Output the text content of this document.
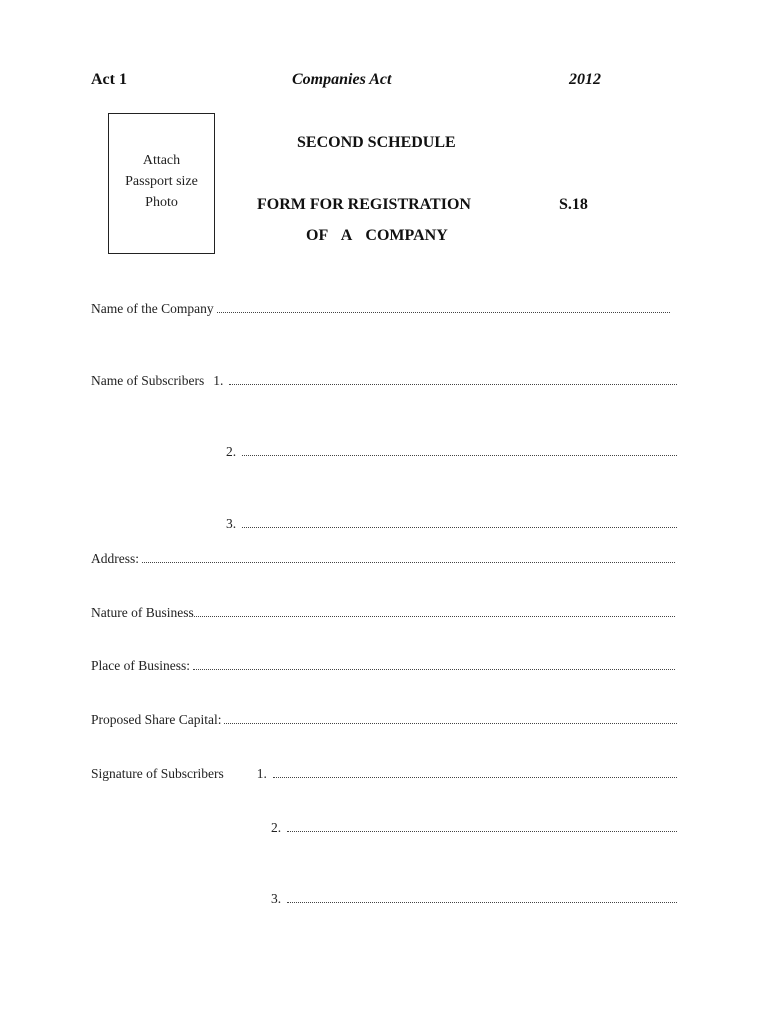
Act 1	Companies Act	2012
Attach
Passport size
Photo
SECOND SCHEDULE
FORM FOR REGISTRATION	S.18
OF A COMPANY
Name of the Company
Name of Subscribers 1.
2.
3.
Address:
Nature of Business
Place of Business:
Proposed Share Capital:
Signature of Subscribers 1.
2.
3.
